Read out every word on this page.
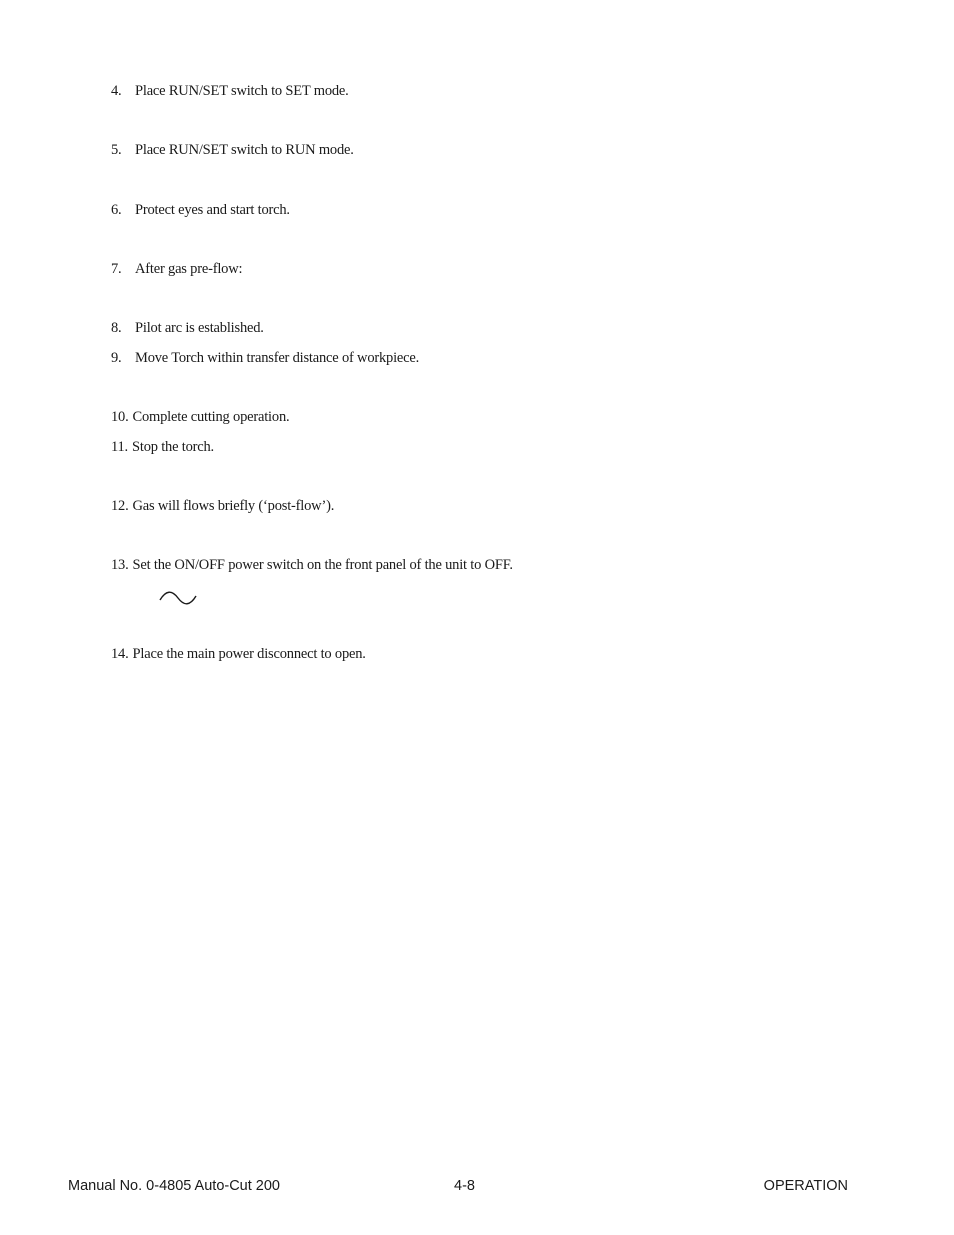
4. Place RUN/SET switch to SET mode.
5. Place RUN/SET switch to RUN mode.
6. Protect eyes and start torch.
7. After gas pre-flow:
8. Pilot arc is established.
9. Move Torch within transfer distance of workpiece.
10. Complete cutting operation.
11. Stop the torch.
12. Gas will flows briefly (‘post-flow’).
13. Set the ON/OFF power switch on the front panel of the unit to OFF.
14. Place the main power disconnect to open.
Manual No. 0-4805 Auto-Cut 200	4-8	OPERATION
